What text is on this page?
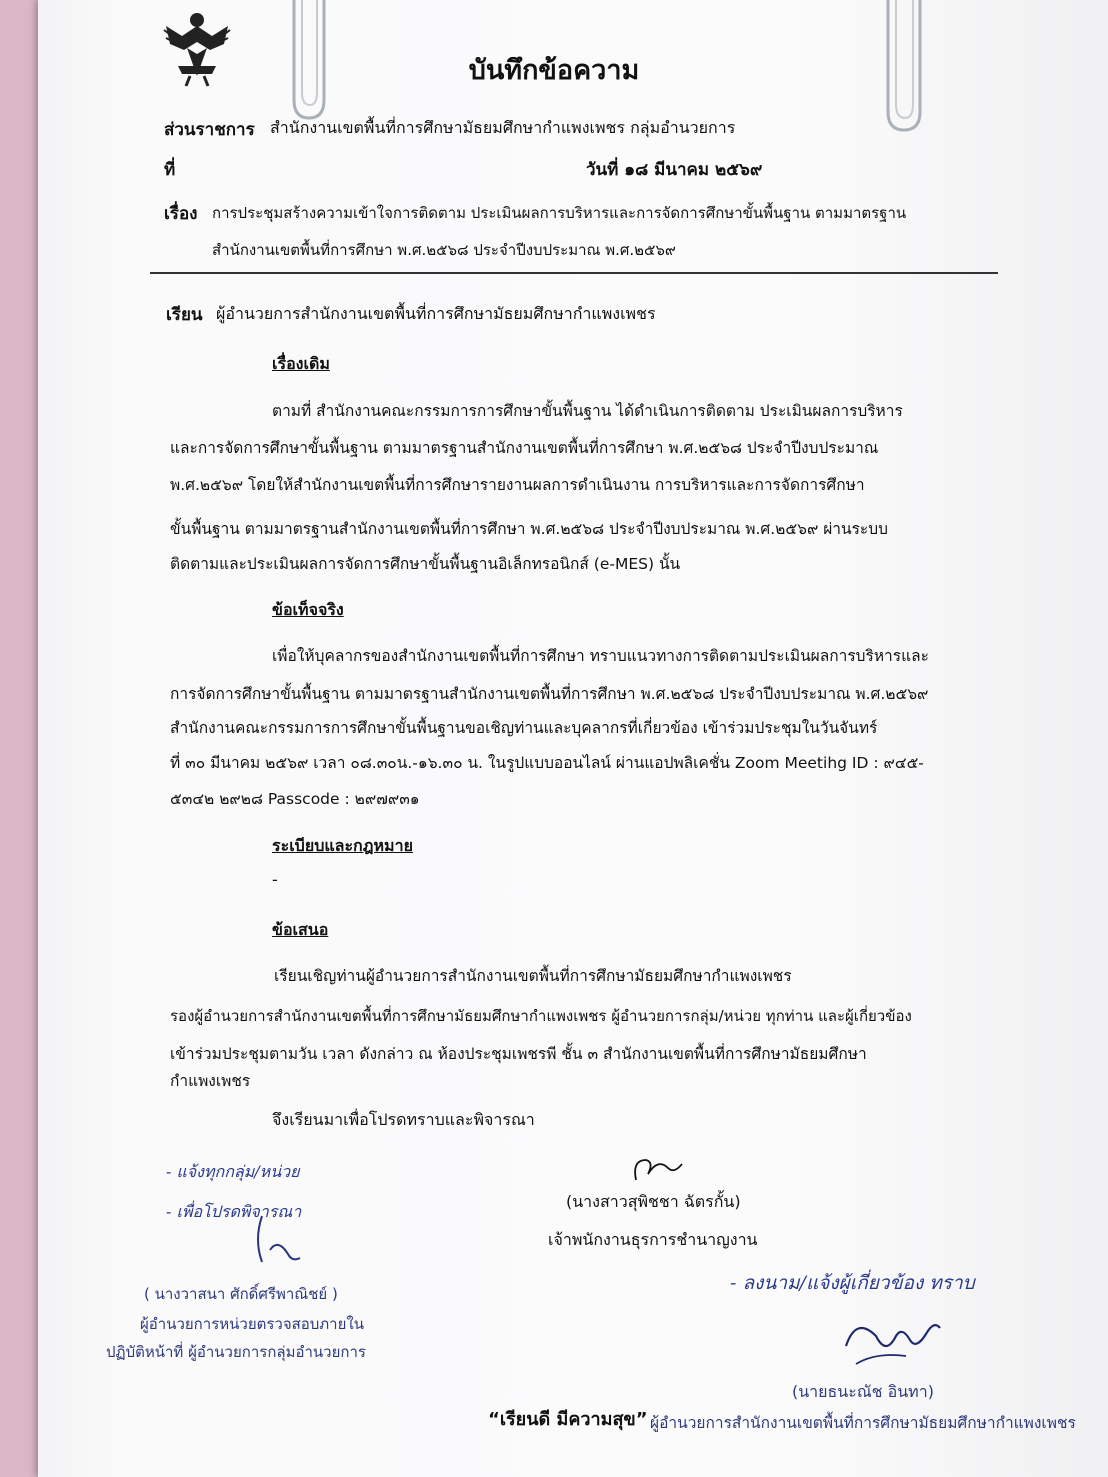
บันทึกข้อความ
ส่วนราชการ สำนักงานเขตพื้นที่การศึกษามัธยมศึกษากำแพงเพชร กลุ่มอำนวยการ
ที่	วันที่ ๑๘ มีนาคม ๒๕๖๙
เรื่อง การประชุมสร้างความเข้าใจการติดตาม ประเมินผลการบริหารและการจัดการศึกษาขั้นพื้นฐาน ตามมาตรฐาน
สำนักงานเขตพื้นที่การศึกษา พ.ศ.๒๕๖๘ ประจำปีงบประมาณ พ.ศ.๒๕๖๙
เรียน ผู้อำนวยการสำนักงานเขตพื้นที่การศึกษามัธยมศึกษากำแพงเพชร
เรื่องเดิม
ตามที่ สำนักงานคณะกรรมการการศึกษาขั้นพื้นฐาน ได้ดำเนินการติดตาม ประเมินผลการบริหาร
และการจัดการศึกษาขั้นพื้นฐาน ตามมาตรฐานสำนักงานเขตพื้นที่การศึกษา พ.ศ.๒๕๖๘ ประจำปีงบประมาณ
พ.ศ.๒๕๖๙ โดยให้สำนักงานเขตพื้นที่การศึกษารายงานผลการดำเนินงาน การบริหารและการจัดการศึกษา
ขั้นพื้นฐาน ตามมาตรฐานสำนักงานเขตพื้นที่การศึกษา พ.ศ.๒๕๖๘ ประจำปีงบประมาณ พ.ศ.๒๕๖๙ ผ่านระบบ
ติดตามและประเมินผลการจัดการศึกษาขั้นพื้นฐานอิเล็กทรอนิกส์ (e-MES) นั้น
ข้อเท็จจริง
เพื่อให้บุคลากรของสำนักงานเขตพื้นที่การศึกษา ทราบแนวทางการติดตามประเมินผลการบริหารและ
การจัดการศึกษาขั้นพื้นฐาน ตามมาตรฐานสำนักงานเขตพื้นที่การศึกษา พ.ศ.๒๕๖๘ ประจำปีงบประมาณ พ.ศ.๒๕๖๙
สำนักงานคณะกรรมการการศึกษาขั้นพื้นฐานขอเชิญท่านและบุคลากรที่เกี่ยวข้อง เข้าร่วมประชุมในวันจันทร์
ที่ ๓๐ มีนาคม ๒๕๖๙ เวลา ๐๘.๓๐น.-๑๖.๓๐ น. ในรูปแบบออนไลน์ ผ่านแอปพลิเคชั่น Zoom Meetihg ID : ๙๔๕-
๕๓๔๒ ๒๙๒๘ Passcode : ๒๙๗๙๓๑
ระเบียบและกฎหมาย
-
ข้อเสนอ
เรียนเชิญท่านผู้อำนวยการสำนักงานเขตพื้นที่การศึกษามัธยมศึกษากำแพงเพชร
รองผู้อำนวยการสำนักงานเขตพื้นที่การศึกษามัธยมศึกษากำแพงเพชร ผู้อำนวยการกลุ่ม/หน่วย ทุกท่าน และผู้เกี่ยวข้อง
เข้าร่วมประชุมตามวัน เวลา ดังกล่าว ณ ห้องประชุมเพชรพี ชั้น ๓ สำนักงานเขตพื้นที่การศึกษามัธยมศึกษา
กำแพงเพชร
จึงเรียนมาเพื่อโปรดทราบและพิจารณา
- แจ้งทุกกลุ่ม/หน่วย
- เพื่อโปรดพิจารณา
( นางวาสนา ศักดิ์ศรีพาณิชย์ )
ผู้อำนวยการหน่วยตรวจสอบภายใน
ปฏิบัติหน้าที่ ผู้อำนวยการกลุ่มอำนวยการ
(นางสาวสุพิชชา ฉัตรกั้น)
เจ้าพนักงานธุรการชำนาญงาน
- ลงนาม/แจ้งผู้เกี่ยวข้อง ทราบ
(นายธนะณัช อินทา)
“เรียนดี มีความสุข” ผู้อำนวยการสำนักงานเขตพื้นที่การศึกษามัธยมศึกษากำแพงเพชร
